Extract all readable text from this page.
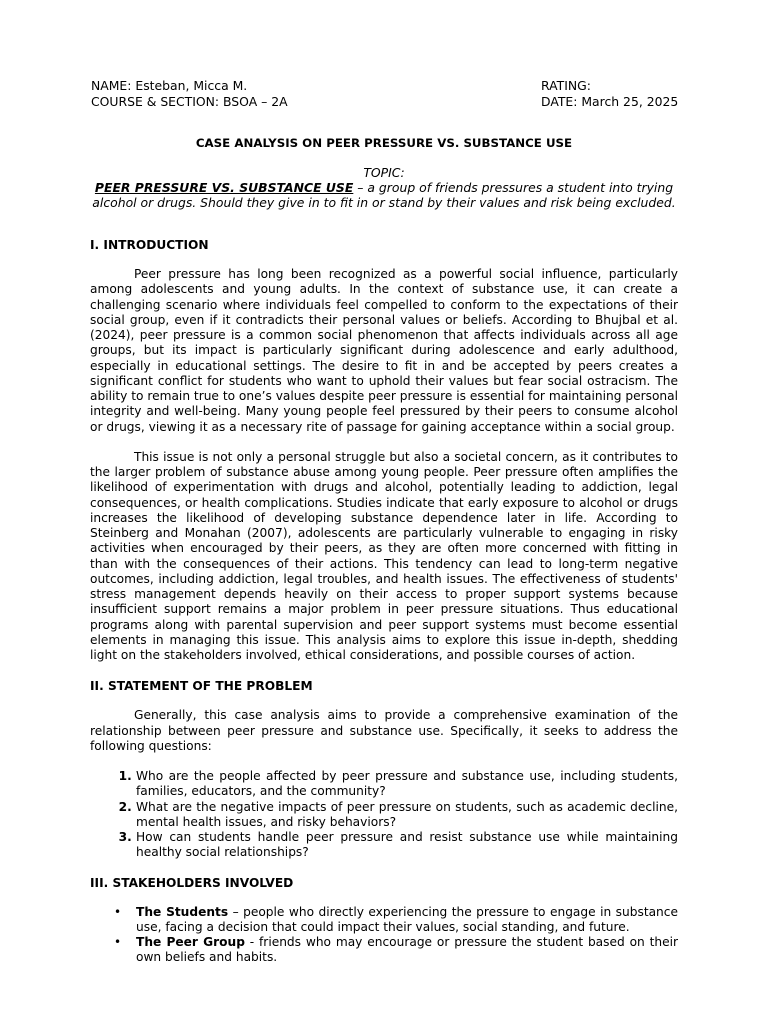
NAME: Esteban, Micca M.
COURSE & SECTION: BSOA – 2A
RATING:
DATE: March 25, 2025
CASE ANALYSIS ON PEER PRESSURE VS. SUBSTANCE USE
TOPIC:
PEER PRESSURE VS. SUBSTANCE USE – a group of friends pressures a student into trying alcohol or drugs. Should they give in to fit in or stand by their values and risk being excluded.
I. INTRODUCTION

Peer pressure has long been recognized as a powerful social influence, particularly among adolescents and young adults. In the context of substance use, it can create a challenging scenario where individuals feel compelled to conform to the expectations of their social group, even if it contradicts their personal values or beliefs. According to Bhujbal et al. (2024), peer pressure is a common social phenomenon that affects individuals across all age groups, but its impact is particularly significant during adolescence and early adulthood, especially in educational settings. The desire to fit in and be accepted by peers creates a significant conflict for students who want to uphold their values but fear social ostracism. The ability to remain true to one’s values despite peer pressure is essential for maintaining personal integrity and well-being. Many young people feel pressured by their peers to consume alcohol or drugs, viewing it as a necessary rite of passage for gaining acceptance within a social group.

This issue is not only a personal struggle but also a societal concern, as it contributes to the larger problem of substance abuse among young people. Peer pressure often amplifies the likelihood of experimentation with drugs and alcohol, potentially leading to addiction, legal consequences, or health complications. Studies indicate that early exposure to alcohol or drugs increases the likelihood of developing substance dependence later in life. According to Steinberg and Monahan (2007), adolescents are particularly vulnerable to engaging in risky activities when encouraged by their peers, as they are often more concerned with fitting in than with the consequences of their actions. This tendency can lead to long-term negative outcomes, including addiction, legal troubles, and health issues. The effectiveness of students' stress management depends heavily on their access to proper support systems because insufficient support remains a major problem in peer pressure situations. Thus educational programs along with parental supervision and peer support systems must become essential elements in managing this issue. This analysis aims to explore this issue in-depth, shedding light on the stakeholders involved, ethical considerations, and possible courses of action.

II. STATEMENT OF THE PROBLEM

Generally, this case analysis aims to provide a comprehensive examination of the relationship between peer pressure and substance use. Specifically, it seeks to address the following questions:

1. Who are the people affected by peer pressure and substance use, including students, families, educators, and the community?
2. What are the negative impacts of peer pressure on students, such as academic decline, mental health issues, and risky behaviors?
3. How can students handle peer pressure and resist substance use while maintaining healthy social relationships?
III. STAKEHOLDERS INVOLVED
• The Students – people who directly experiencing the pressure to engage in substance use, facing a decision that could impact their values, social standing, and future.
• The Peer Group - friends who may encourage or pressure the student based on their own beliefs and habits.
